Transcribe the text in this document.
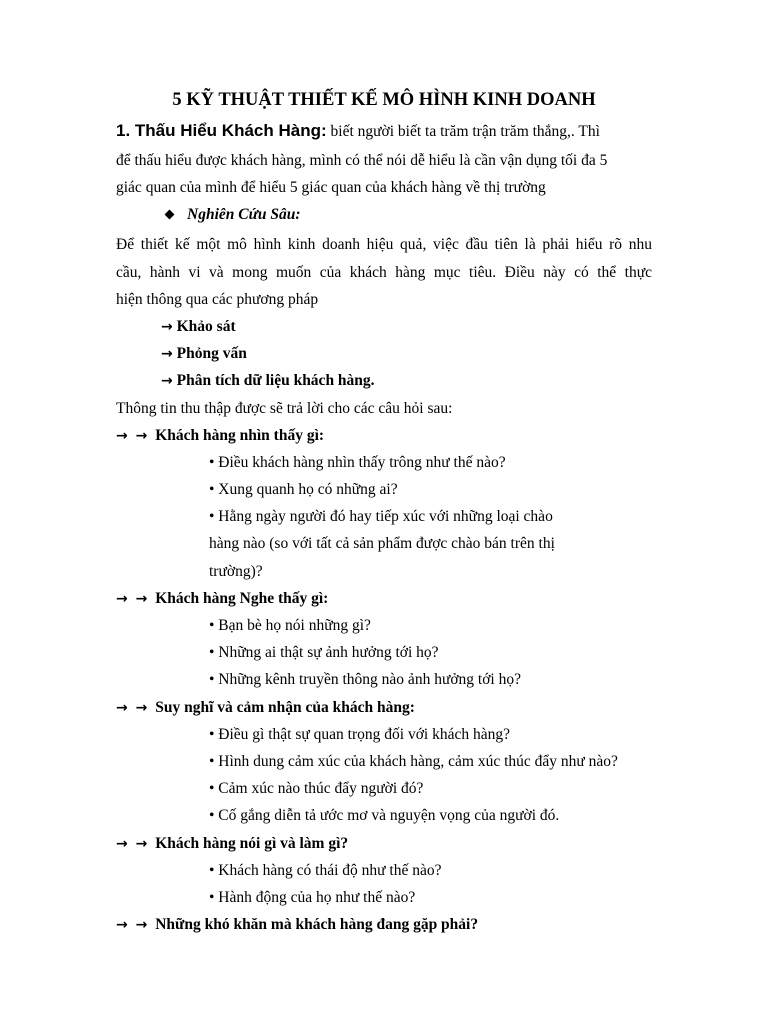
5 KỸ THUẬT THIẾT KẾ MÔ HÌNH KINH DOANH

1. Thấu Hiểu Khách Hàng: biết người biết ta trăm trận trăm thắng,. Thì

để thấu hiểu được khách hàng, mình có thể nói dễ hiểu là cần vận dụng tối đa 5

giác quan của mình để hiểu 5 giác quan của khách hàng về thị trường

Nghiên Cứu Sâu:

Để thiết kế một mô hình kinh doanh hiệu quả, việc đầu tiên là phải hiểu rõ nhu

cầu, hành vi và mong muốn của khách hàng mục tiêu. Điều này có thể thực

hiện thông qua các phương pháp

→ Khảo sát

→ Phỏng vấn

→ Phân tích dữ liệu khách hàng.

Thông tin thu thập được sẽ trả lời cho các câu hỏi sau:

→ → Khách hàng nhìn thấy gì:

• Điều khách hàng nhìn thấy trông như thế nào?

• Xung quanh họ có những ai?

• Hằng ngày người đó hay tiếp xúc với những loại chào

hàng nào (so với tất cả sản phẩm được chào bán trên thị

trường)?

→ → Khách hàng Nghe thấy gì:

• Bạn bè họ nói những gì?

• Những ai thật sự ảnh hưởng tới họ?

• Những kênh truyền thông nào ảnh hưởng tới họ?

→ → Suy nghĩ và cảm nhận của khách hàng:

• Điều gì thật sự quan trọng đối với khách hàng?

• Hình dung cảm xúc của khách hàng, cảm xúc thúc đẩy như nào?

• Cảm xúc nào thúc đẩy người đó?

• Cố gắng diễn tả ước mơ và nguyện vọng của người đó.

→ → Khách hàng nói gì và làm gì?

• Khách hàng có thái độ như thế nào?

• Hành động của họ như thế nào?

→ → Những khó khăn mà khách hàng đang gặp phải?
